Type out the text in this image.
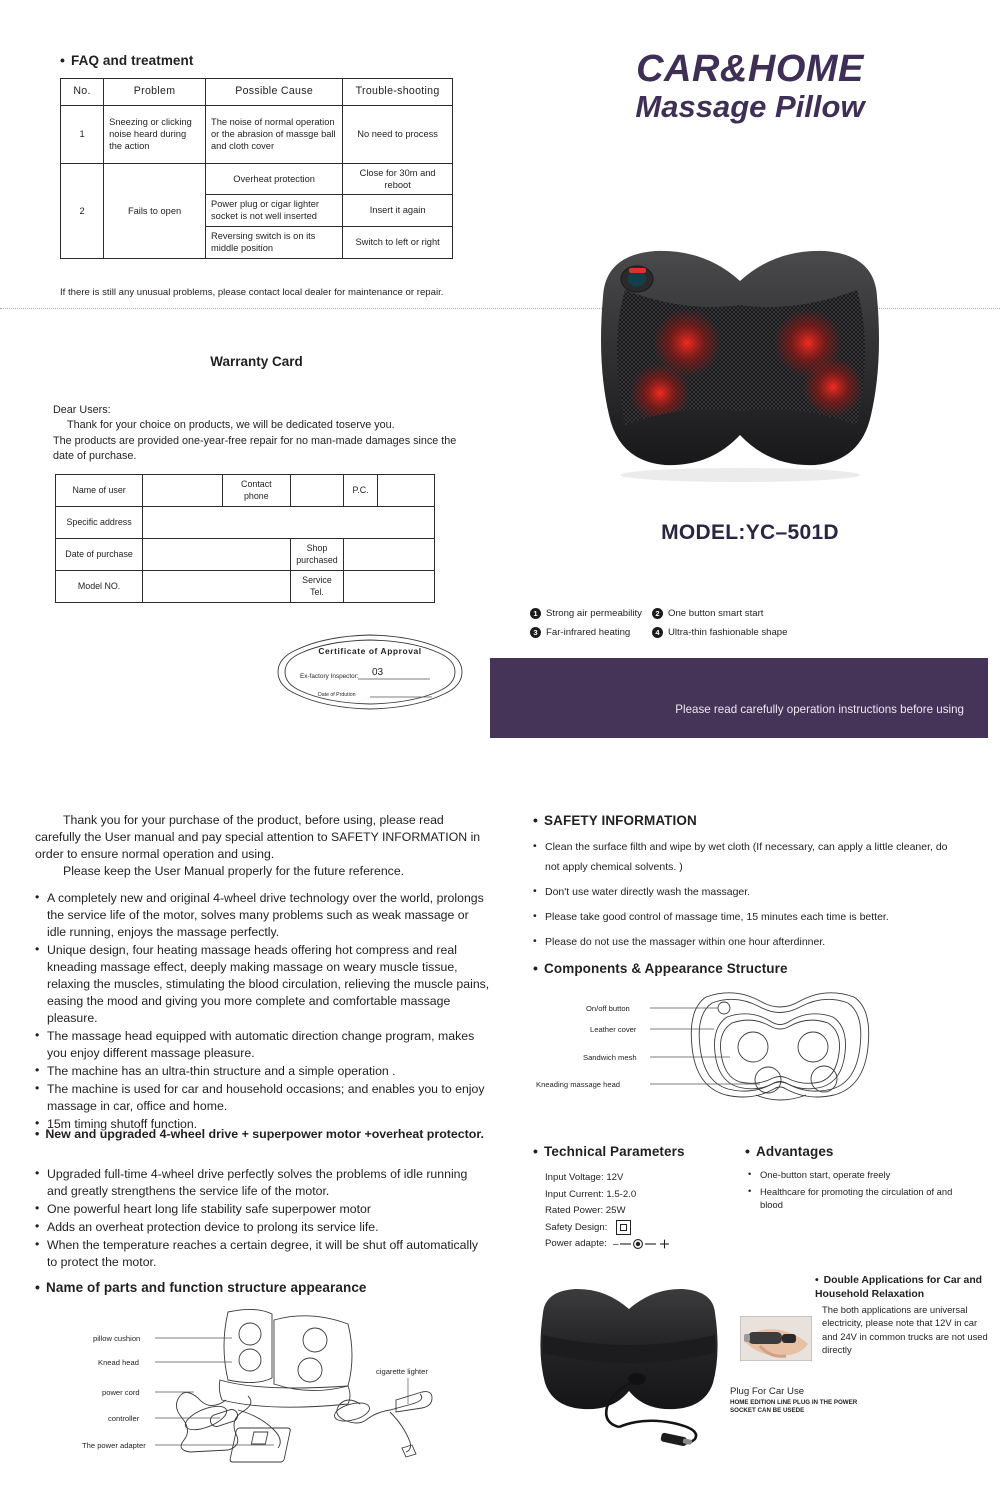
• FAQ and treatment
No.	Problem	Possible Cause	Trouble-shooting
1	Sneezing or clicking noise heard during the action	The noise of normal operation or the abrasion of massge ball and cloth cover	No need to process
2	Fails to open	Overheat protection	Close for 30m and reboot
		Power plug or cigar lighter socket is not well inserted	Insert it again
		Reversing switch is on its middle position	Switch to left or right
If there is still any unusual problems, please contact local dealer for maintenance or repair.
Warranty Card
Dear Users:
Thank for your choice on products, we will be dedicated toserve you.
The products are provided one-year-free repair for no man-made damages since the date of purchase.
Name of user		Contact phone		P.C.	
Specific address					
Date of purchase			Shop purchased		
Model NO.			Service Tel.		
Certificate of Approval
Ex-factory Inspector: 03
Date of Prdution
CAR&HOME
Massage Pillow
MODEL:YC–501D
1 Strong air permeability	2 One button smart start
3 Far-infrared heating	4 Ultra-thin fashionable shape
Please read carefully operation instructions before using

Thank you for your purchase of the product, before using, please read carefully the User manual and pay special attention to SAFETY INFORMATION in order to ensure normal operation and using.

Please keep the User Manual properly for the future reference.

• A completely new and original 4-wheel drive technology over the world, prolongs the service life of the motor, solves many problems such as weak massage or idle running, enjoys the massage perfectly.
• Unique design, four heating massage heads offering hot compress and real kneading massage effect, deeply making massage on weary muscle tissue, relaxing the muscles, stimulating the blood circulation, relieving the muscle pains, easing the mood and giving you more complete and comfortable massage pleasure.
• The massage head equipped with automatic direction change program, makes you enjoy different massage pleasure.
• The machine has an ultra-thin structure and a simple operation .
• The machine is used for car and household occasions; and enables you to enjoy massage in car, office and home.
• 15m timing shutoff function.
• New and upgraded 4-wheel drive + superpower motor +overheat protector.
• Upgraded full-time 4-wheel drive perfectly solves the problems of idle running and greatly strengthens the service life of the motor.
• One powerful heart long life stability safe superpower motor
• Adds an overheat protection device to prolong its service life.
• When the temperature reaches a certain degree, it will be shut off automatically to protect the motor.
• Name of parts and function structure appearance
pillow cushion
Knead head
power cord
controller
The power adapter
cigarette lighter
• SAFETY INFORMATION
• Clean the surface filth and wipe by wet cloth (If necessary, can apply a little cleaner, do not apply chemical solvents. )
• Don't use water directly wash the massager.
• Please take good control of massage time, 15 minutes each time is better.
• Please do not use the massager within one hour afterdinner.
• Components & Appearance Structure
On/off button
Leather cover
Sandwich mesh
Kneading massage head
• Technical Parameters	• Advantages
Input Voltage: 12V
Input Current: 1.5-2.0
Rated Power: 25W
Safety Design:
Power adapte: –
• One-button start, operate freely
• Healthcare for promoting the circulation of and blood
Plug For Car Use
HOME EDITION LINE PLUG IN THE POWER SOCKET CAN BE USEDE
• Double Applications for Car and Household Relaxation
The both applications are universal electricity, please note that 12V in car and 24V in common trucks are not used directly
